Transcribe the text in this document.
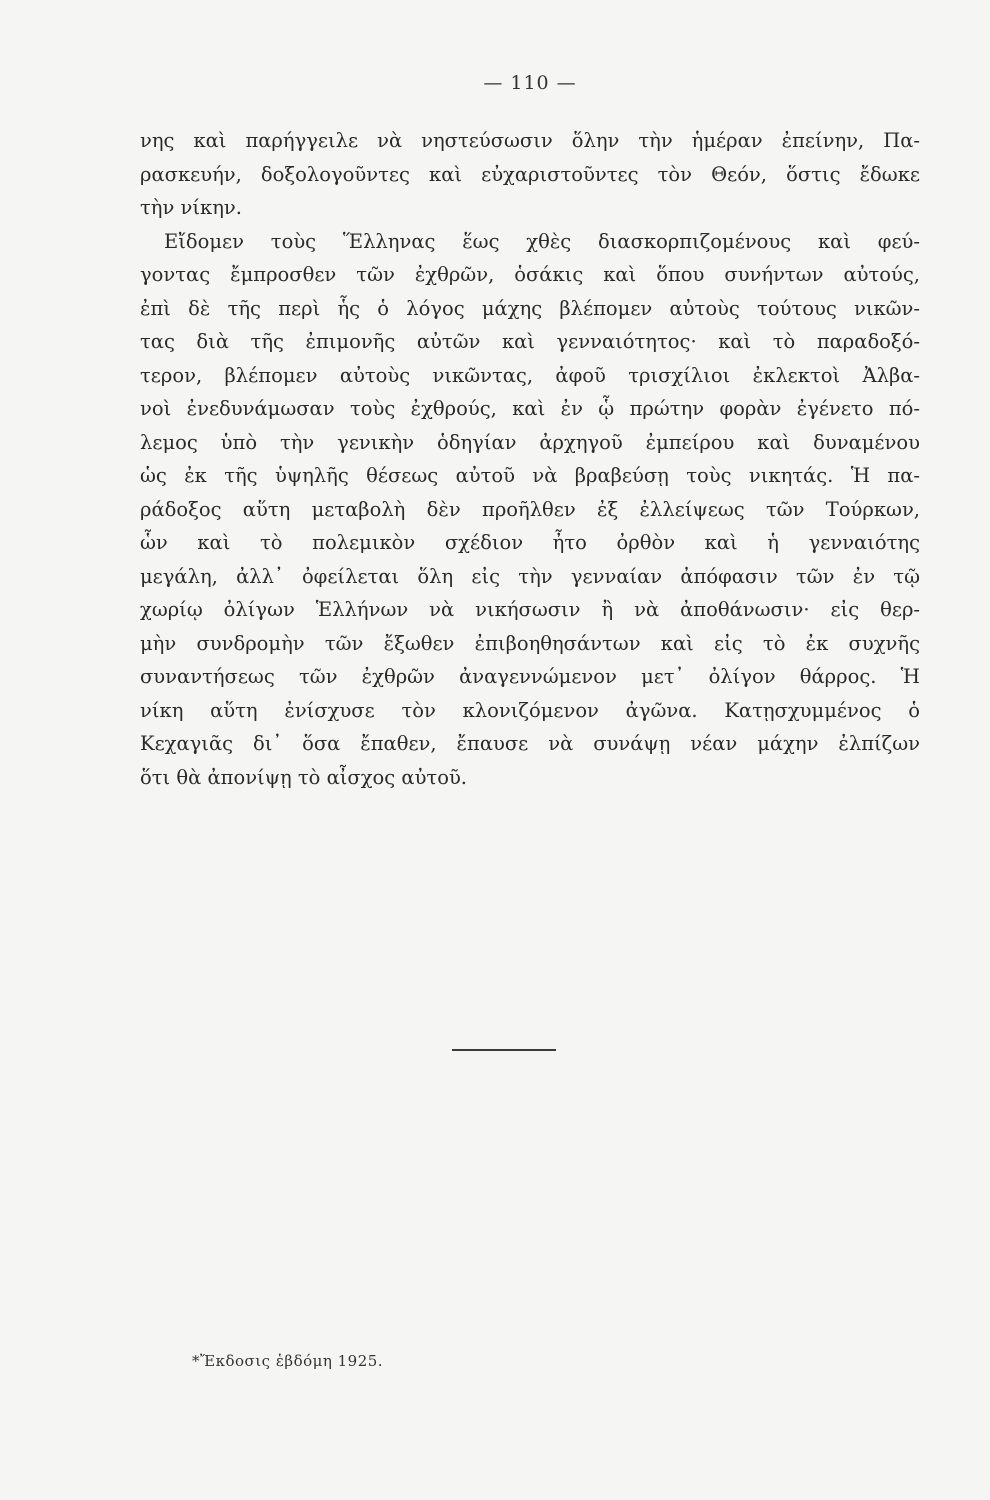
— 110 —
νης καὶ παρήγγειλε νὰ νηστεύσωσιν ὅλην τὴν ἡμέραν ἐπείνην, Πα-
ρασκευήν, δοξολογοῦντες καὶ εὐχαριστοῦντες τὸν Θεόν, ὅστις ἔδωκε
τὴν νίκην.
Εἴδομεν τοὺς Ἕλληνας ἕως χθὲς διασκορπιζομένους καὶ φεύ-
γοντας ἔμπροσθεν τῶν ἐχθρῶν, ὁσάκις καὶ ὅπου συνήντων αὐτούς,
ἐπὶ δὲ τῆς περὶ ἧς ὁ λόγος μάχης βλέπομεν αὐτοὺς τούτους νικῶν-
τας διὰ τῆς ἐπιμονῆς αὐτῶν καὶ γενναιότητος· καὶ τὸ παραδοξό-
τερον, βλέπομεν αὐτοὺς νικῶντας, ἀφοῦ τρισχίλιοι ἐκλεκτοὶ Ἀλβα-
νοὶ ἐνεδυνάμωσαν τοὺς ἐχθρούς, καὶ ἐν ᾧ πρώτην φορὰν ἐγένετο πό-
λεμος ὑπὸ τὴν γενικὴν ὁδηγίαν ἀρχηγοῦ ἐμπείρου καὶ δυναμένου
ὡς ἐκ τῆς ὑψηλῆς θέσεως αὐτοῦ νὰ βραβεύσῃ τοὺς νικητάς. Ἡ πα-
ράδοξος αὕτη μεταβολὴ δὲν προῆλθεν ἐξ ἐλλείψεως τῶν Τούρκων,
ὧν καὶ τὸ πολεμικὸν σχέδιον ἦτο ὀρθὸν καὶ ἡ γενναιότης
μεγάλη, ἀλλ᾿ ὀφείλεται ὅλη εἰς τὴν γενναίαν ἀπόφασιν τῶν ἐν τῷ
χωρίῳ ὀλίγων Ἑλλήνων νὰ νικήσωσιν ἢ νὰ ἀποθάνωσιν· εἰς θερ-
μὴν συνδρομὴν τῶν ἔξωθεν ἐπιβοηθησάντων καὶ εἰς τὸ ἐκ συχνῆς
συναντήσεως τῶν ἐχθρῶν ἀναγεννώμενον μετ᾿ ὀλίγον θάρρος. Ἡ
νίκη αὕτη ἐνίσχυσε τὸν κλονιζόμενον ἀγῶνα. Κατῃσχυμμένος ὁ
Κεχαγιᾶς δι᾿ ὅσα ἔπαθεν, ἔπαυσε νὰ συνάψῃ νέαν μάχην ἐλπίζων
ὅτι θὰ ἀπονίψῃ τὸ αἶσχος αὐτοῦ.
*Ἔκδοσις ἑβδόμη 1925.
